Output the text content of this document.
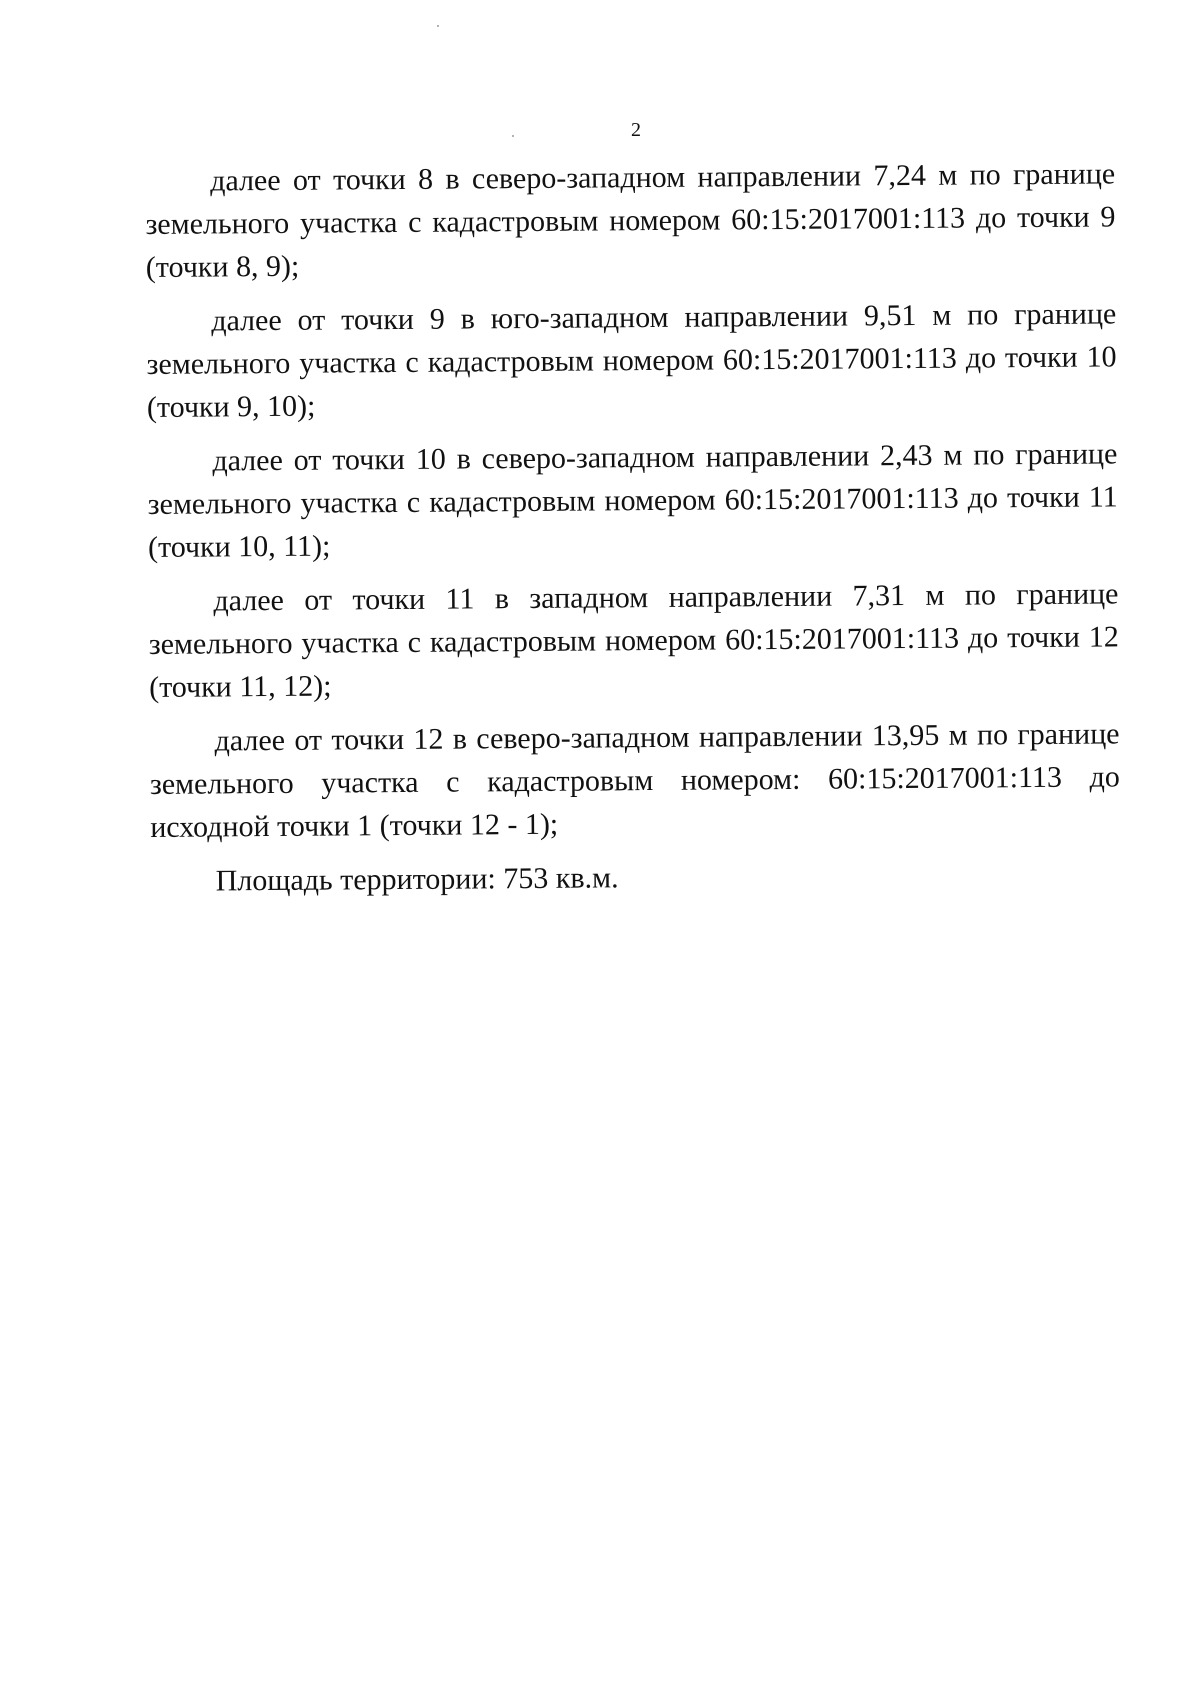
2

далее от точки 8 в северо-западном направлении 7,24 м по границе земельного участка с кадастровым номером 60:15:2017001:113 до точки 9 (точки 8, 9);

далее от точки 9 в юго-западном направлении 9,51 м по границе земельного участка с кадастровым номером 60:15:2017001:113 до точки 10 (точки 9, 10);

далее от точки 10 в северо-западном направлении 2,43 м по границе земельного участка с кадастровым номером 60:15:2017001:113 до точки 11 (точки 10, 11);

далее от точки 11 в западном направлении 7,31 м по границе земельного участка с кадастровым номером 60:15:2017001:113 до точки 12 (точки 11, 12);

далее от точки 12 в северо-западном направлении 13,95 м по границе земельного участка с кадастровым номером: 60:15:2017001:113 до исходной точки 1 (точки 12 - 1);

Площадь территории: 753 кв.м.
